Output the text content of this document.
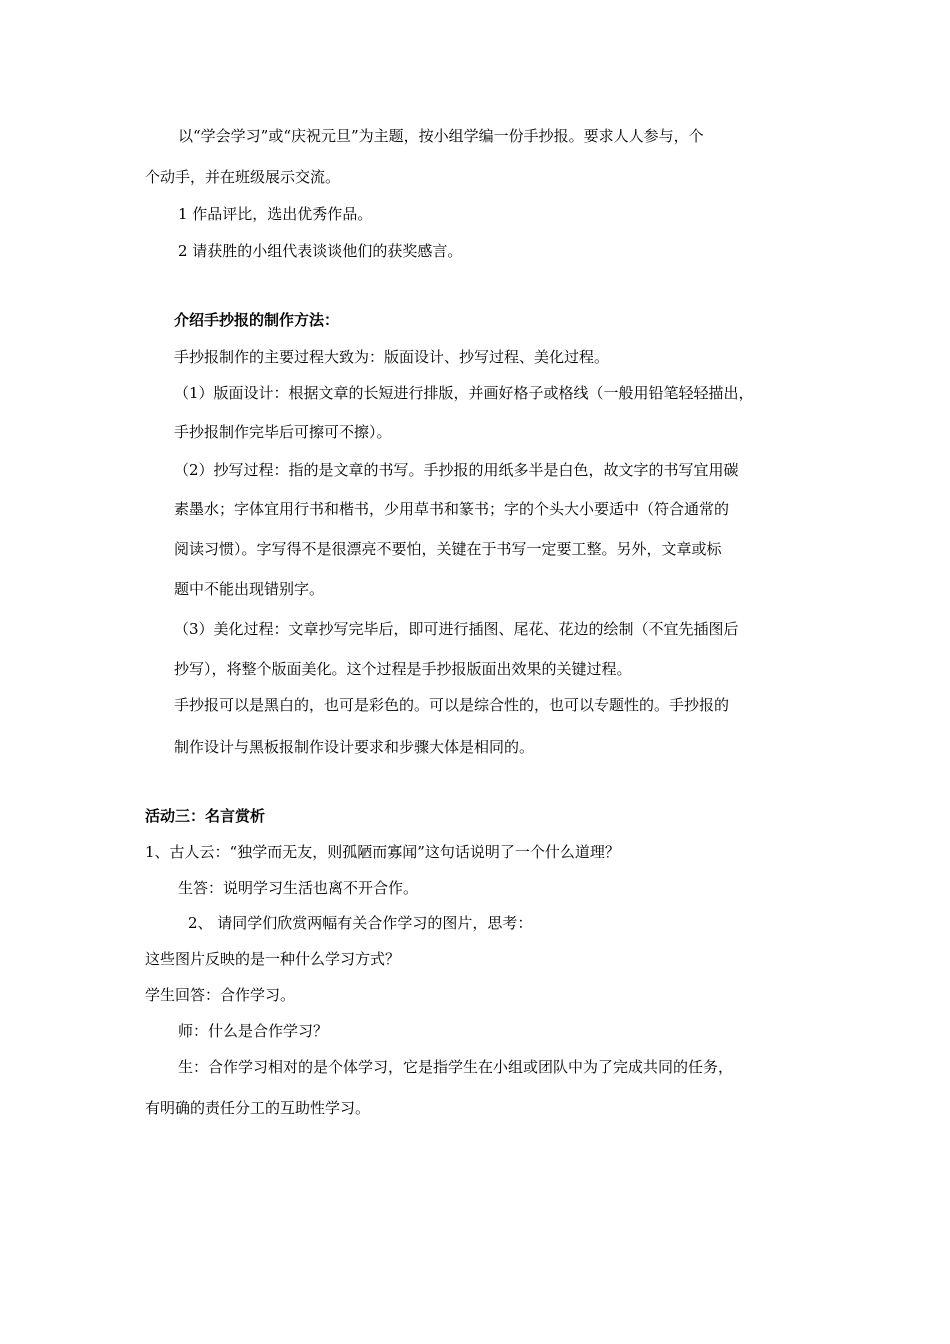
以“学会学习”或“庆祝元旦”为主题，按小组学编一份手抄报。要求人人参与，个
个动手，并在班级展示交流。
1 作品评比，选出优秀作品。
2 请获胜的小组代表谈谈他们的获奖感言。
介绍手抄报的制作方法：
手抄报制作的主要过程大致为：版面设计、抄写过程、美化过程。
（1）版面设计：根据文章的长短进行排版，并画好格子或格线（一般用铅笔轻轻描出，
手抄报制作完毕后可擦可不擦）。
（2）抄写过程：指的是文章的书写。手抄报的用纸多半是白色，故文字的书写宜用碳
素墨水；字体宜用行书和楷书，少用草书和篆书；字的个头大小要适中（符合通常的
阅读习惯）。字写得不是很漂亮不要怕，关键在于书写一定要工整。另外，文章或标
题中不能出现错别字。
（3）美化过程：文章抄写完毕后，即可进行插图、尾花、花边的绘制（不宜先插图后
抄写），将整个版面美化。这个过程是手抄报版面出效果的关键过程。
手抄报可以是黑白的，也可是彩色的。可以是综合性的，也可以专题性的。手抄报的
制作设计与黑板报制作设计要求和步骤大体是相同的。
活动三：名言赏析
1、古人云：“独学而无友，则孤陋而寡闻”这句话说明了一个什么道理？
生答：说明学习生活也离不开合作。
2、 请同学们欣赏两幅有关合作学习的图片，思考：
这些图片反映的是一种什么学习方式？
学生回答：合作学习。
师：什么是合作学习？
生：合作学习相对的是个体学习，它是指学生在小组或团队中为了完成共同的任务，
有明确的责任分工的互助性学习。
